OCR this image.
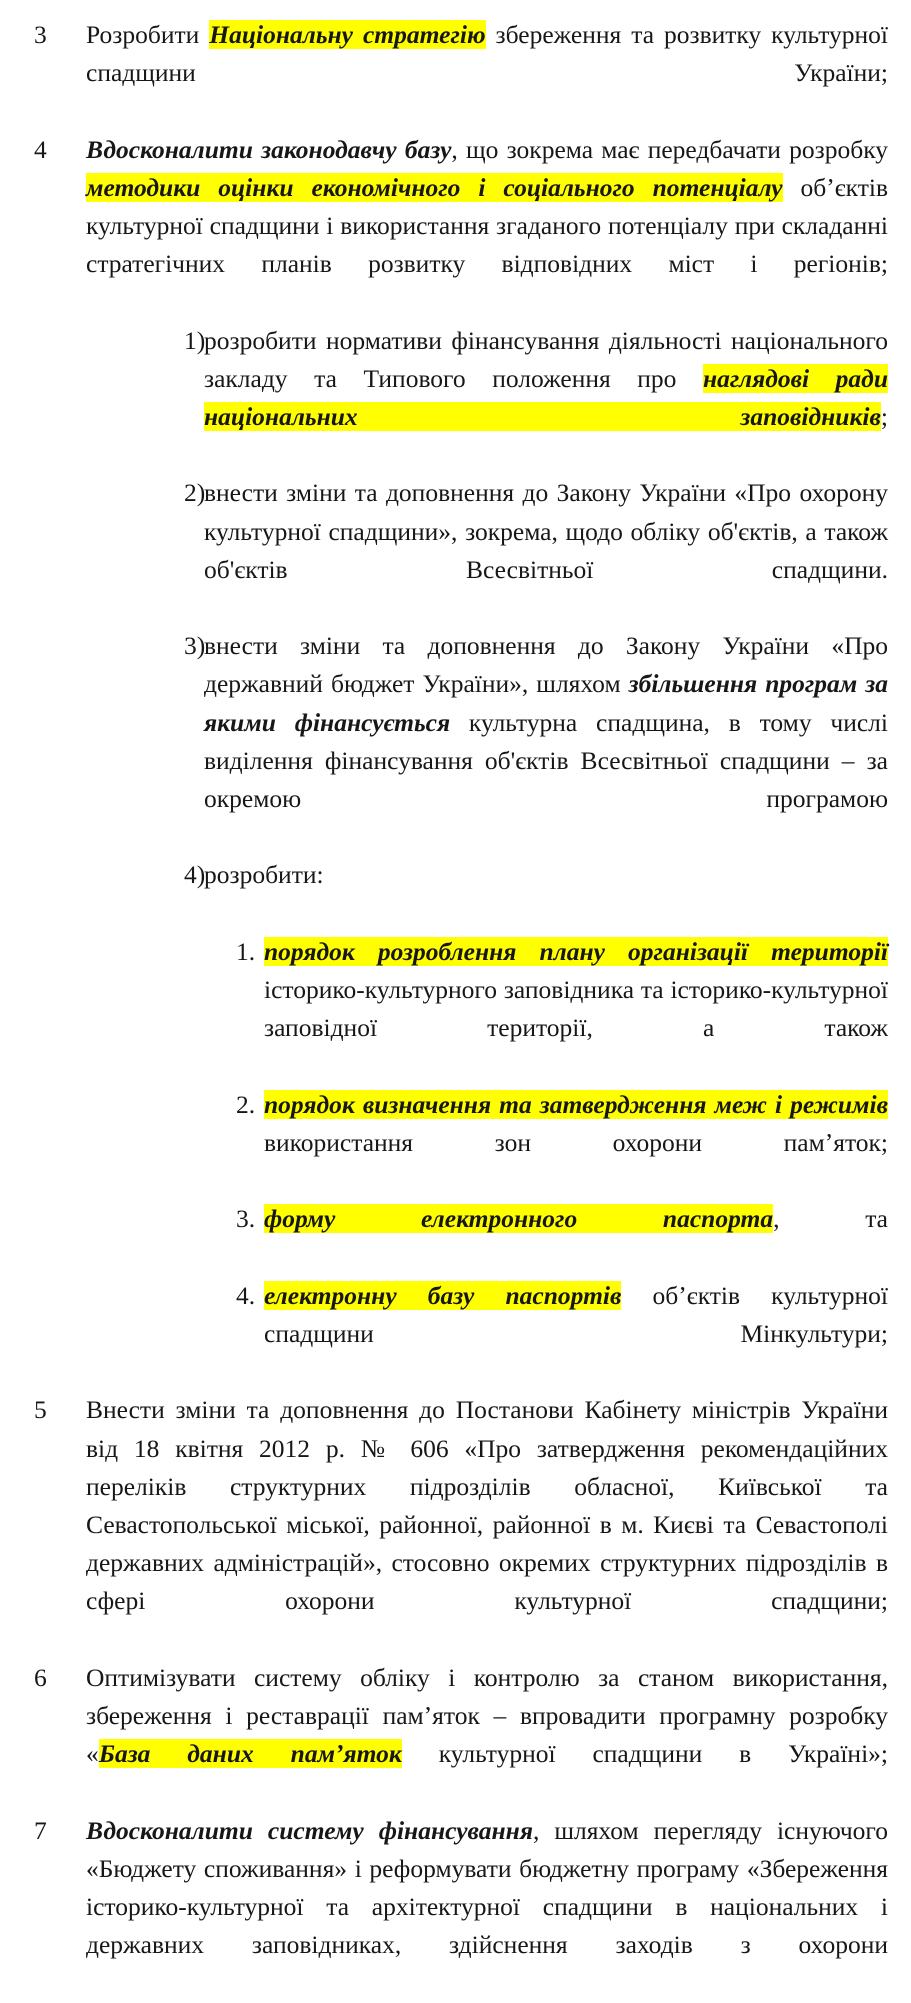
3	Розробити Національну стратегію збереження та розвитку культурної спадщини України;
4	Вдосконалити законодавчу базу, що зокрема має передбачати розробку методики оцінки економічного і соціального потенціалу обʼєктів культурної спадщини і використання згаданого потенціалу при складанні стратегічних планів розвитку відповідних міст і регіонів;
1)
розробити нормативи фінансування діяльності національного закладу та Типового положення про наглядові ради національних заповідників;
2)
внести зміни та доповнення до Закону України «Про охорону культурної спадщини», зокрема, щодо обліку об'єктів, а також об'єктів Всесвітньої спадщини.
3)
внести зміни та доповнення до Закону України «Про державний бюджет України», шляхом збільшення програм за якими фінансується культурна спадщина, в тому числі виділення фінансування об'єктів Всесвітньої спадщини – за окремою програмою
4)
розробити:
1. порядок розроблення плану організації території історико-культурного заповідника та історико-культурної заповідної території, а також
2. порядок визначення та затвердження меж і режимів використання зон охорони памʼяток;
3. форму електронного паспорта, та
4. електронну базу паспортів обʼєктів культурної спадщини Мінкультури;
5	Внести зміни та доповнення до Постанови Кабінету міністрів України від 18 квітня 2012 р. № 606 «Про затвердження рекомендаційних переліків структурних підрозділів обласної, Київської та Севастопольської міської, районної, районної в м. Києві та Севастополі державних адміністрацій», стосовно окремих структурних підрозділів в сфері охорони культурної спадщини;
6	Оптимізувати систему обліку і контролю за станом використання, збереження і реставрації памʼяток – впровадити програмну розробку «База даних памʼяток культурної спадщини в Україні»;
7	Вдосконалити систему фінансування, шляхом перегляду існуючого «Бюджету споживання» і реформувати бюджетну програму «Збереження історико-культурної та архітектурної спадщини в національних і державних заповідниках, здійснення заходів з охорони
